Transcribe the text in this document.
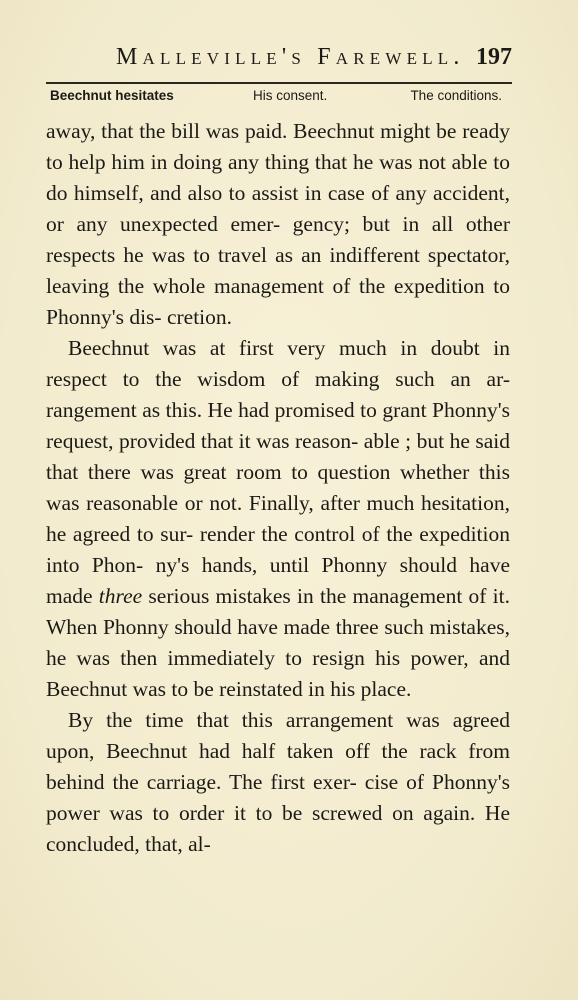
Malleville's Farewell. 197
Beechnut hesitates	His consent.	The conditions.

away, that the bill was paid. Beechnut might be ready to help him in doing any thing that he was not able to do himself, and also to assist in case of any accident, or any unexpected emer- gency; but in all other respects he was to travel as an indifferent spectator, leaving the whole management of the expedition to Phonny's dis- cretion.

Beechnut was at first very much in doubt in respect to the wisdom of making such an ar- rangement as this. He had promised to grant Phonny's request, provided that it was reason- able ; but he said that there was great room to question whether this was reasonable or not. Finally, after much hesitation, he agreed to sur- render the control of the expedition into Phon- ny's hands, until Phonny should have made three serious mistakes in the management of it. When Phonny should have made three such mistakes, he was then immediately to resign his power, and Beechnut was to be reinstated in his place.

By the time that this arrangement was agreed upon, Beechnut had half taken off the rack from behind the carriage. The first exer- cise of Phonny's power was to order it to be screwed on again. He concluded, that, al-
